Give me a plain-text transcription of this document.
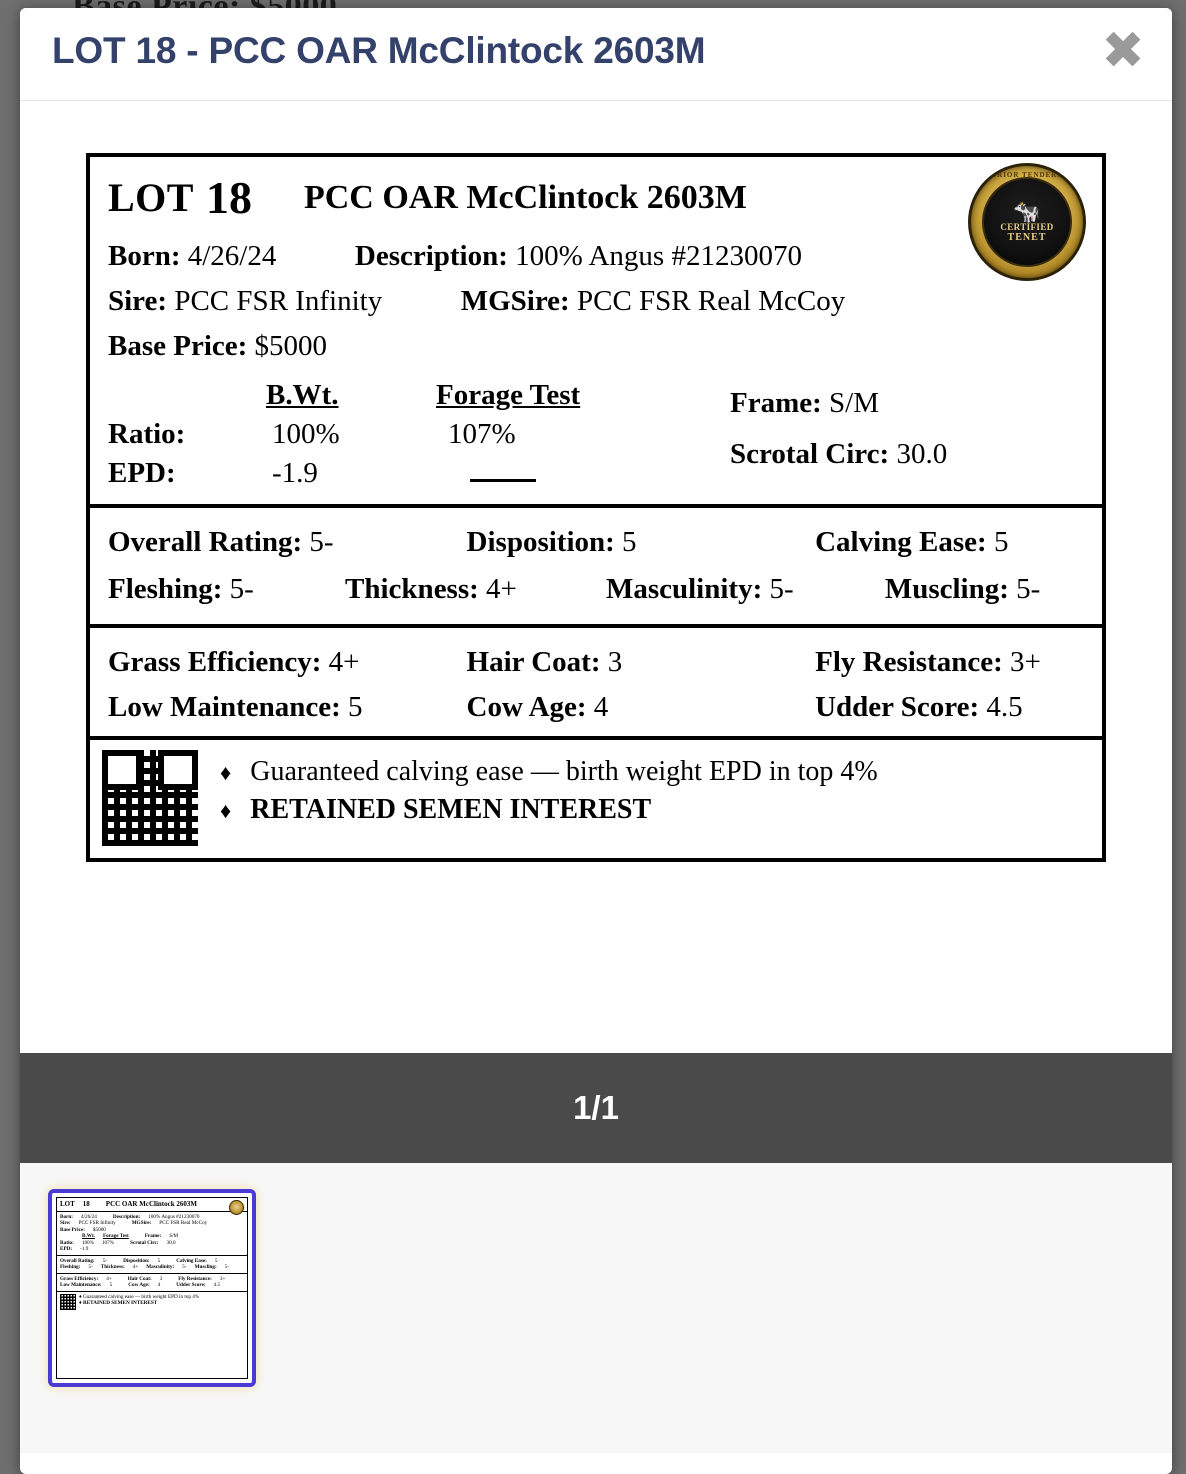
LOT 18 - PCC OAR McClintock 2603M	✖
LOT 18 PCC OAR McClintock 2603M
SUPERIOR TENDERNESS
🐄
CERTIFIED
TENET
Born: 4/26/24	Description: 100% Angus #21230070
Sire: PCC FSR Infinity	MGSire: PCC FSR Real McCoy
Base Price: $5000
B.Wt.	Forage Test
Ratio:	100%	107%
EPD:	-1.9
Frame: S/M
Scrotal Circ: 30.0
Overall Rating: 5-	Disposition: 5	Calving Ease: 5
Fleshing: 5-	Thickness: 4+	Masculinity: 5-	Muscling: 5-
Grass Efficiency: 4+	Hair Coat: 3	Fly Resistance: 3+
Low Maintenance: 5	Cow Age: 4	Udder Score: 4.5
♦ Guaranteed calving ease — birth weight EPD in top 4%
♦ RETAINED SEMEN INTEREST
1/1
LOT 18 PCC OAR McClintock 2603M
Born: 4/26/24	Description: 100% Angus #21230070
Sire: PCC FSR Infinity	MGSire: PCC FSR Real McCoy
Base Price: $5000
B.Wt. Forage Test	Frame: S/M
Ratio: 100% 107%	Scrotal Circ: 30.0
EPD: -1.9
Overall Rating: 5-	Disposition: 5	Calving Ease: 5
Fleshing: 5- Thickness: 4+ Masculinity: 5- Muscling: 5-
Grass Efficiency: 4+	Hair Coat: 3	Fly Resistance: 3+
Low Maintenance: 5	Cow Age: 4	Udder Score: 4.5
♦ Guaranteed calving ease — birth weight EPD in top 4%
♦ RETAINED SEMEN INTEREST
